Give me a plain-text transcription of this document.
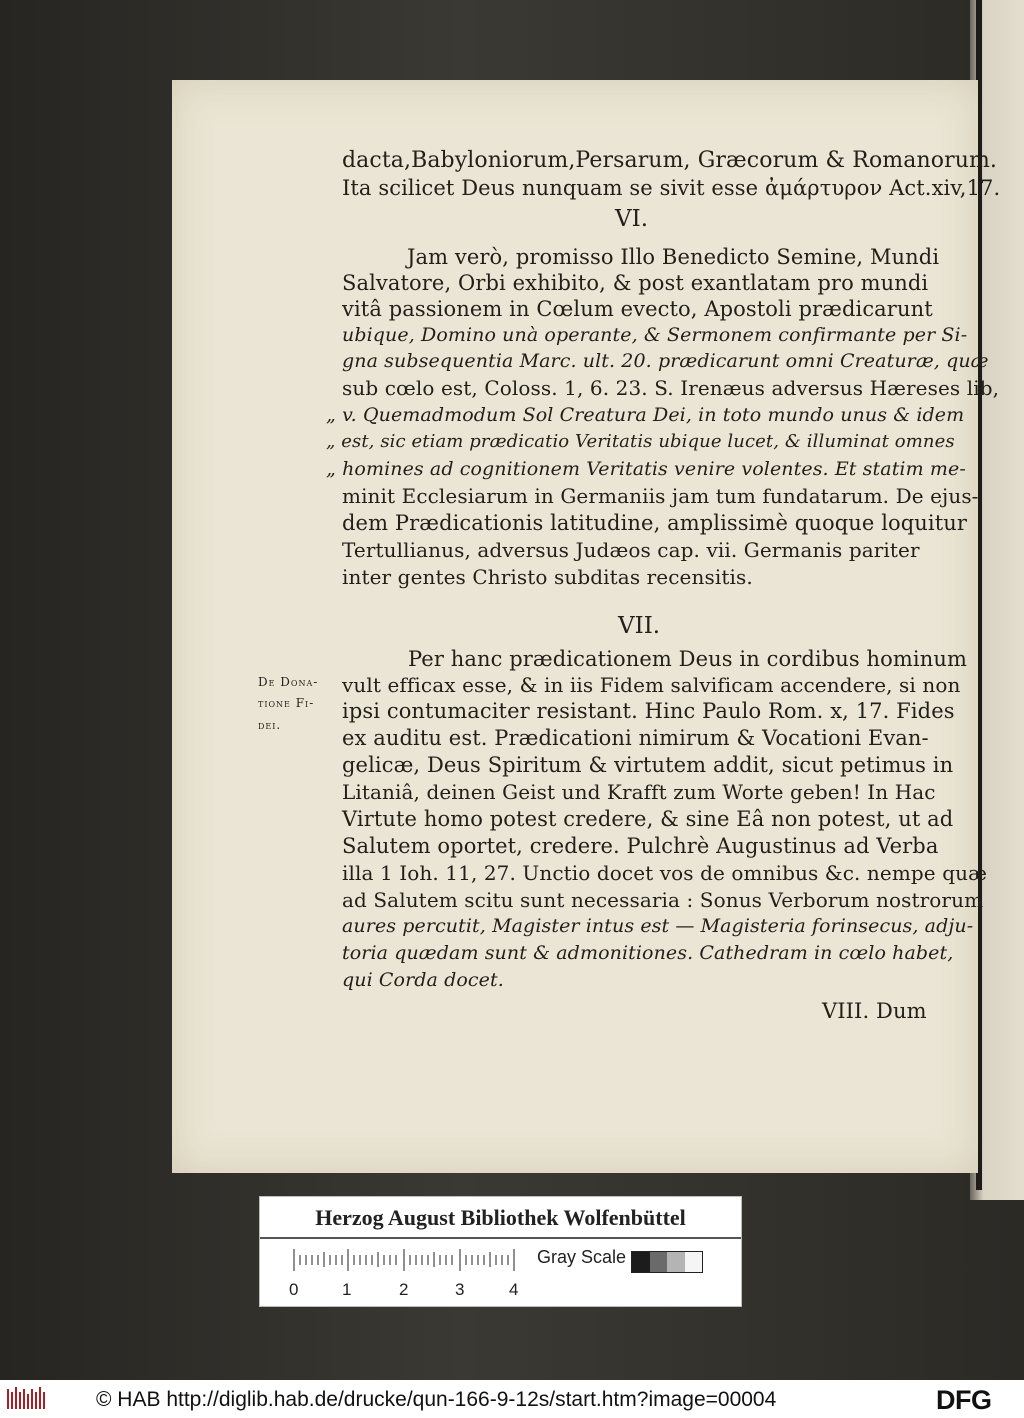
dacta,Babyloniorum,Persarum, Græcorum & Romanorum.
Ita scilicet Deus nunquam se sivit esse ἀμάρτυρον Act.xiv,17.
VI.
Jam verò, promisso Illo Benedicto Semine, Mundi
Salvatore, Orbi exhibito, & post exantlatam pro mundi
vitâ passionem in Cœlum evecto, Apostoli prædicarunt
ubique, Domino unà operante, & Sermonem confirmante per Si-
gna subsequentia Marc. ult. 20. prædicarunt omni Creaturæ, quæ
sub cœlo est, Coloss. 1, 6. 23. S. Irenæus adversus Hæreses lib,
„ v. Quemadmodum Sol Creatura Dei, in toto mundo unus & idem
„ est, sic etiam prædicatio Veritatis ubique lucet, & illuminat omnes
„ homines ad cognitionem Veritatis venire volentes. Et statim me-
minit Ecclesiarum in Germaniis jam tum fundatarum. De ejus-
dem Prædicationis latitudine, amplissimè quoque loquitur
Tertullianus, adversus Judæos cap. vii. Germanis pariter
inter gentes Christo subditas recensitis.
VII.
De Dona-
tione Fi-
dei.
Per hanc prædicationem Deus in cordibus hominum
vult efficax esse, & in iis Fidem salvificam accendere, si non
ipsi contumaciter resistant. Hinc Paulo Rom. x, 17. Fides
ex auditu est. Prædicationi nimirum & Vocationi Evan-
gelicæ, Deus Spiritum & virtutem addit, sicut petimus in
Litaniâ, deinen Geist und Krafft zum Worte geben! In Hac
Virtute homo potest credere, & sine Eâ non potest, ut ad
Salutem oportet, credere. Pulchrè Augustinus ad Verba
illa 1 Ioh. 11, 27. Unctio docet vos de omnibus &c. nempe quæ
ad Salutem scitu sunt necessaria : Sonus Verborum nostrorum
aures percutit, Magister intus est — Magisteria forinsecus, adju-
toria quædam sunt & admonitiones. Cathedram in cœlo habet,
qui Corda docet.
VIII. Dum
Herzog August Bibliothek Wolfenbüttel
0	1	2	3	4
Gray Scale
© HAB http://diglib.hab.de/drucke/qun-166-9-12s/start.htm?image=00004	DFG
